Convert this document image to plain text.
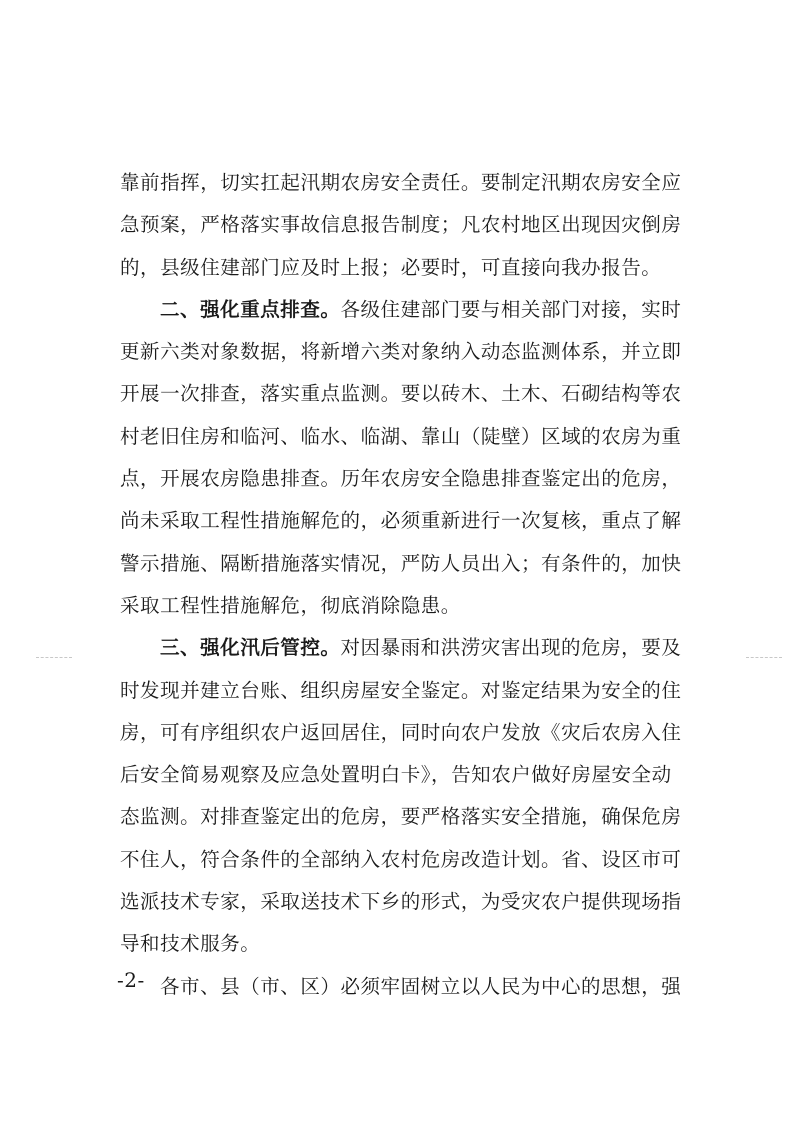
靠前指挥，切实扛起汛期农房安全责任。要制定汛期农房安全应
急预案，严格落实事故信息报告制度；凡农村地区出现因灾倒房
的，县级住建部门应及时上报；必要时，可直接向我办报告。
二、强化重点排查。各级住建部门要与相关部门对接，实时
更新六类对象数据，将新增六类对象纳入动态监测体系，并立即
开展一次排查，落实重点监测。要以砖木、土木、石砌结构等农
村老旧住房和临河、临水、临湖、靠山（陡壁）区域的农房为重
点，开展农房隐患排查。历年农房安全隐患排查鉴定出的危房，
尚未采取工程性措施解危的，必须重新进行一次复核，重点了解
警示措施、隔断措施落实情况，严防人员出入；有条件的，加快
采取工程性措施解危，彻底消除隐患。
三、强化汛后管控。对因暴雨和洪涝灾害出现的危房，要及
时发现并建立台账、组织房屋安全鉴定。对鉴定结果为安全的住
房，可有序组织农户返回居住，同时向农户发放《灾后农房入住
后安全简易观察及应急处置明白卡》，告知农户做好房屋安全动
态监测。对排查鉴定出的危房，要严格落实安全措施，确保危房
不住人，符合条件的全部纳入农村危房改造计划。省、设区市可
选派技术专家，采取送技术下乡的形式，为受灾农户提供现场指
导和技术服务。
各市、县（市、区）必须牢固树立以人民为中心的思想，强
-2-
